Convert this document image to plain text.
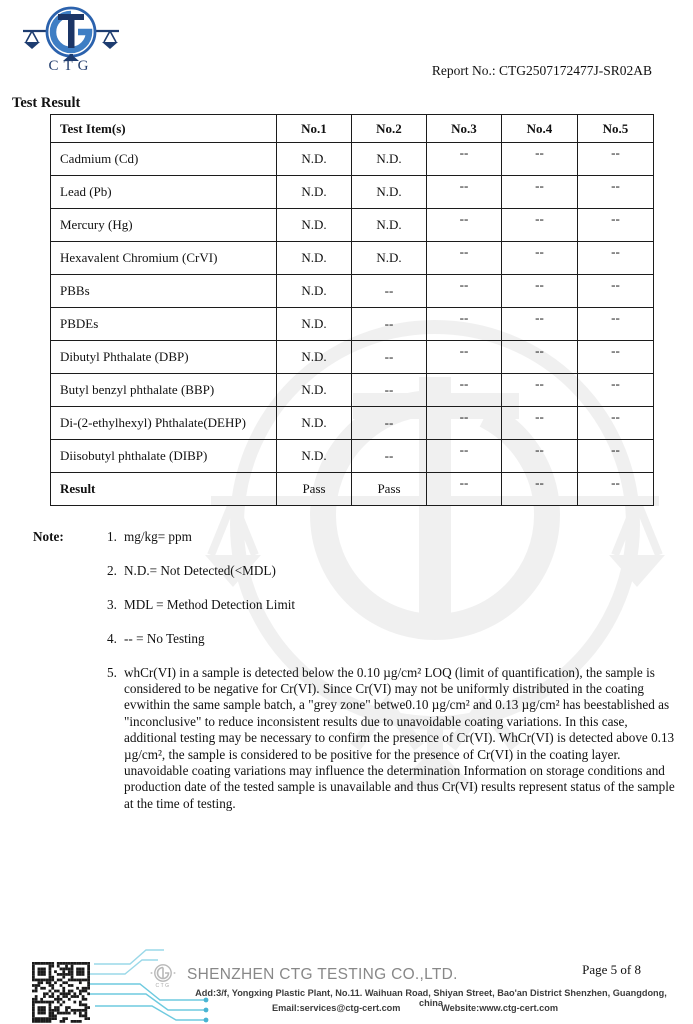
CTG	Report No.: CTG2507172477J-SR02AB
Test Result
Test Item(s)	No.1	No.2	No.3	No.4	No.5
Cadmium (Cd)	N.D.	N.D.	--	--	--
Lead (Pb)	N.D.	N.D.	--	--	--
Mercury (Hg)	N.D.	N.D.	--	--	--
Hexavalent Chromium (CrVI)	N.D.	N.D.	--	--	--
PBBs	N.D.	--	--	--	--
PBDEs	N.D.	--	--	--	--
Dibutyl Phthalate (DBP)	N.D.	--	--	--	--
Butyl benzyl phthalate (BBP)	N.D.	--	--	--	--
Di-(2-ethylhexyl) Phthalate(DEHP)	N.D.	--	--	--	--
Diisobutyl phthalate (DIBP)	N.D.	--	--	--	--
Result	Pass	Pass	--	--	--
Note:	1. mg/kg= ppm
2. N.D.= Not Detected(<MDL)
3. MDL = Method Detection Limit
4. -- = No Testing
5. whCr(VI) in a sample is detected below the 0.10 µg/cm² LOQ (limit of quantification), the sample is considered to be negative for Cr(VI). Since Cr(VI) may not be uniformly distributed in the coating evwithin the same sample batch, a "grey zone" betwe0.10 µg/cm² and 0.13 µg/cm² has beestablished as "inconclusive" to reduce inconsistent results due to unavoidable coating variations. In this case, additional testing may be necessary to confirm the presence of Cr(VI). WhCr(VI) is detected above 0.13 µg/cm², the sample is considered to be positive for the presence of Cr(VI) in the coating layer. unavoidable coating variations may influence the determination Information on storage conditions and production date of the tested sample is unavailable and thus Cr(VI) results represent status of the sample at the time of testing.
CTG
SHENZHEN CTG TESTING CO.,LTD.
Add:3/f, Yongxing Plastic Plant, No.11. Waihuan Road, Shiyan Street, Bao'an District Shenzhen, Guangdong, china
Email:services@ctg-cert.com	Website:www.ctg-cert.com
Page 5 of 8
